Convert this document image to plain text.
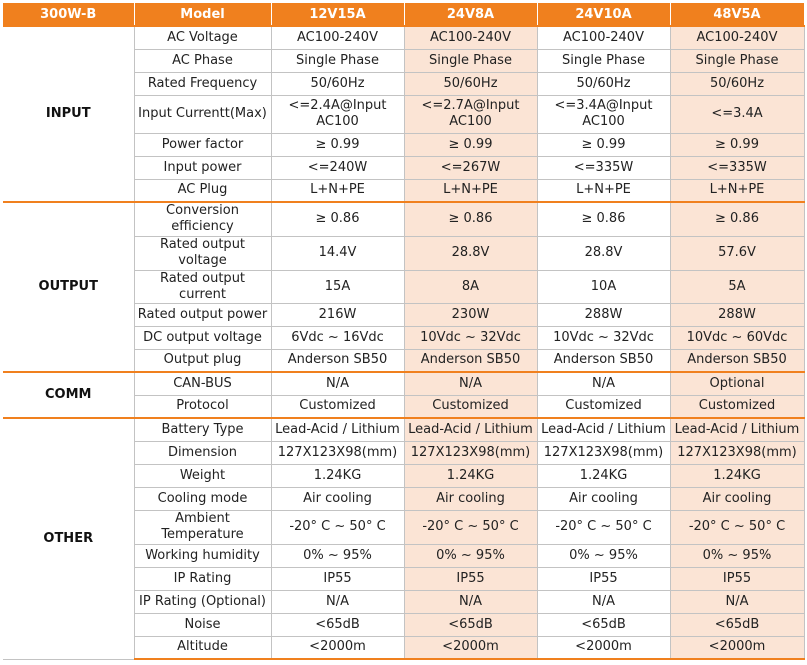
300W-B	Model	12V15A	24V8A	24V10A	48V5A
INPUT	AC Voltage	AC100-240V	AC100-240V	AC100-240V	AC100-240V
	AC Phase	Single Phase	Single Phase	Single Phase	Single Phase
	Rated Frequency	50/60Hz	50/60Hz	50/60Hz	50/60Hz
	Input Currentt(Max)	<=2.4A@Input AC100	<=2.7A@Input AC100	<=3.4A@Input AC100	<=3.4A
	Power factor	≥ 0.99	≥ 0.99	≥ 0.99	≥ 0.99
	Input power	<=240W	<=267W	<=335W	<=335W
	AC Plug	L+N+PE	L+N+PE	L+N+PE	L+N+PE
OUTPUT	Conversion efficiency	≥ 0.86	≥ 0.86	≥ 0.86	≥ 0.86
	Rated output voltage	14.4V	28.8V	28.8V	57.6V
	Rated output current	15A	8A	10A	5A
	Rated output power	216W	230W	288W	288W
	DC output voltage	6Vdc ~ 16Vdc	10Vdc ~ 32Vdc	10Vdc ~ 32Vdc	10Vdc ~ 60Vdc
	Output plug	Anderson SB50	Anderson SB50	Anderson SB50	Anderson SB50
COMM	CAN-BUS	N/A	N/A	N/A	Optional
	Protocol	Customized	Customized	Customized	Customized
OTHER	Battery Type	Lead-Acid / Lithium	Lead-Acid / Lithium	Lead-Acid / Lithium	Lead-Acid / Lithium
	Dimension	127X123X98(mm)	127X123X98(mm)	127X123X98(mm)	127X123X98(mm)
	Weight	1.24KG	1.24KG	1.24KG	1.24KG
	Cooling mode	Air cooling	Air cooling	Air cooling	Air cooling
	Ambient Temperature	-20° C ~ 50° C	-20° C ~ 50° C	-20° C ~ 50° C	-20° C ~ 50° C
	Working humidity	0% ~ 95%	0% ~ 95%	0% ~ 95%	0% ~ 95%
	IP Rating	IP55	IP55	IP55	IP55
	IP Rating (Optional)	N/A	N/A	N/A	N/A
	Noise	<65dB	<65dB	<65dB	<65dB
	Altitude	<2000m	<2000m	<2000m	<2000m
